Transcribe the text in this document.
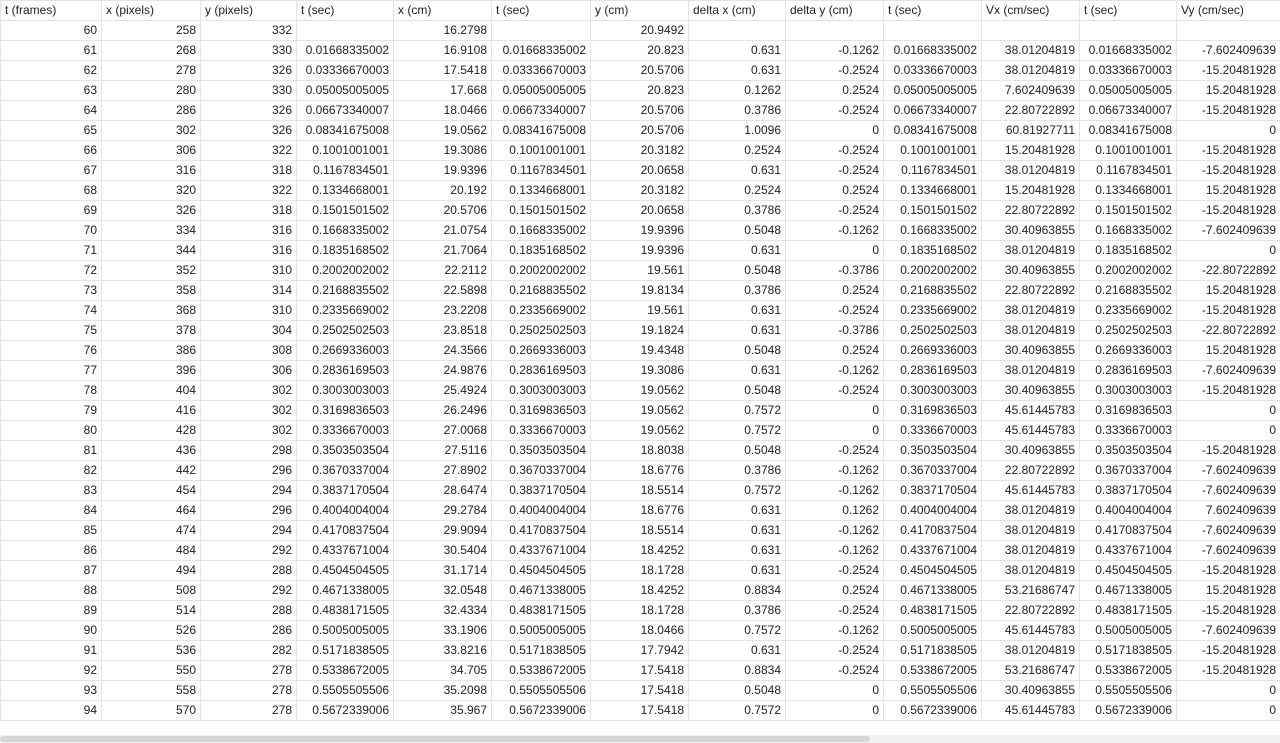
t (frames)	x (pixels)	y (pixels)	t (sec)	x (cm)	t (sec)	y (cm)	delta x (cm)	delta y (cm)	t (sec)	Vx (cm/sec)	t (sec)	Vy (cm/sec)
60	258	332		16.2798		20.9492						
61	268	330	0.01668335002	16.9108	0.01668335002	20.823	0.631	-0.1262	0.01668335002	38.01204819	0.01668335002	-7.602409639
62	278	326	0.03336670003	17.5418	0.03336670003	20.5706	0.631	-0.2524	0.03336670003	38.01204819	0.03336670003	-15.20481928
63	280	330	0.05005005005	17.668	0.05005005005	20.823	0.1262	0.2524	0.05005005005	7.602409639	0.05005005005	15.20481928
64	286	326	0.06673340007	18.0466	0.06673340007	20.5706	0.3786	-0.2524	0.06673340007	22.80722892	0.06673340007	-15.20481928
65	302	326	0.08341675008	19.0562	0.08341675008	20.5706	1.0096	0	0.08341675008	60.81927711	0.08341675008	0
66	306	322	0.1001001001	19.3086	0.1001001001	20.3182	0.2524	-0.2524	0.1001001001	15.20481928	0.1001001001	-15.20481928
67	316	318	0.1167834501	19.9396	0.1167834501	20.0658	0.631	-0.2524	0.1167834501	38.01204819	0.1167834501	-15.20481928
68	320	322	0.1334668001	20.192	0.1334668001	20.3182	0.2524	0.2524	0.1334668001	15.20481928	0.1334668001	15.20481928
69	326	318	0.1501501502	20.5706	0.1501501502	20.0658	0.3786	-0.2524	0.1501501502	22.80722892	0.1501501502	-15.20481928
70	334	316	0.1668335002	21.0754	0.1668335002	19.9396	0.5048	-0.1262	0.1668335002	30.40963855	0.1668335002	-7.602409639
71	344	316	0.1835168502	21.7064	0.1835168502	19.9396	0.631	0	0.1835168502	38.01204819	0.1835168502	0
72	352	310	0.2002002002	22.2112	0.2002002002	19.561	0.5048	-0.3786	0.2002002002	30.40963855	0.2002002002	-22.80722892
73	358	314	0.2168835502	22.5898	0.2168835502	19.8134	0.3786	0.2524	0.2168835502	22.80722892	0.2168835502	15.20481928
74	368	310	0.2335669002	23.2208	0.2335669002	19.561	0.631	-0.2524	0.2335669002	38.01204819	0.2335669002	-15.20481928
75	378	304	0.2502502503	23.8518	0.2502502503	19.1824	0.631	-0.3786	0.2502502503	38.01204819	0.2502502503	-22.80722892
76	386	308	0.2669336003	24.3566	0.2669336003	19.4348	0.5048	0.2524	0.2669336003	30.40963855	0.2669336003	15.20481928
77	396	306	0.2836169503	24.9876	0.2836169503	19.3086	0.631	-0.1262	0.2836169503	38.01204819	0.2836169503	-7.602409639
78	404	302	0.3003003003	25.4924	0.3003003003	19.0562	0.5048	-0.2524	0.3003003003	30.40963855	0.3003003003	-15.20481928
79	416	302	0.3169836503	26.2496	0.3169836503	19.0562	0.7572	0	0.3169836503	45.61445783	0.3169836503	0
80	428	302	0.3336670003	27.0068	0.3336670003	19.0562	0.7572	0	0.3336670003	45.61445783	0.3336670003	0
81	436	298	0.3503503504	27.5116	0.3503503504	18.8038	0.5048	-0.2524	0.3503503504	30.40963855	0.3503503504	-15.20481928
82	442	296	0.3670337004	27.8902	0.3670337004	18.6776	0.3786	-0.1262	0.3670337004	22.80722892	0.3670337004	-7.602409639
83	454	294	0.3837170504	28.6474	0.3837170504	18.5514	0.7572	-0.1262	0.3837170504	45.61445783	0.3837170504	-7.602409639
84	464	296	0.4004004004	29.2784	0.4004004004	18.6776	0.631	0.1262	0.4004004004	38.01204819	0.4004004004	7.602409639
85	474	294	0.4170837504	29.9094	0.4170837504	18.5514	0.631	-0.1262	0.4170837504	38.01204819	0.4170837504	-7.602409639
86	484	292	0.4337671004	30.5404	0.4337671004	18.4252	0.631	-0.1262	0.4337671004	38.01204819	0.4337671004	-7.602409639
87	494	288	0.4504504505	31.1714	0.4504504505	18.1728	0.631	-0.2524	0.4504504505	38.01204819	0.4504504505	-15.20481928
88	508	292	0.4671338005	32.0548	0.4671338005	18.4252	0.8834	0.2524	0.4671338005	53.21686747	0.4671338005	15.20481928
89	514	288	0.4838171505	32.4334	0.4838171505	18.1728	0.3786	-0.2524	0.4838171505	22.80722892	0.4838171505	-15.20481928
90	526	286	0.5005005005	33.1906	0.5005005005	18.0466	0.7572	-0.1262	0.5005005005	45.61445783	0.5005005005	-7.602409639
91	536	282	0.5171838505	33.8216	0.5171838505	17.7942	0.631	-0.2524	0.5171838505	38.01204819	0.5171838505	-15.20481928
92	550	278	0.5338672005	34.705	0.5338672005	17.5418	0.8834	-0.2524	0.5338672005	53.21686747	0.5338672005	-15.20481928
93	558	278	0.5505505506	35.2098	0.5505505506	17.5418	0.5048	0	0.5505505506	30.40963855	0.5505505506	0
94	570	278	0.5672339006	35.967	0.5672339006	17.5418	0.7572	0	0.5672339006	45.61445783	0.5672339006	0
